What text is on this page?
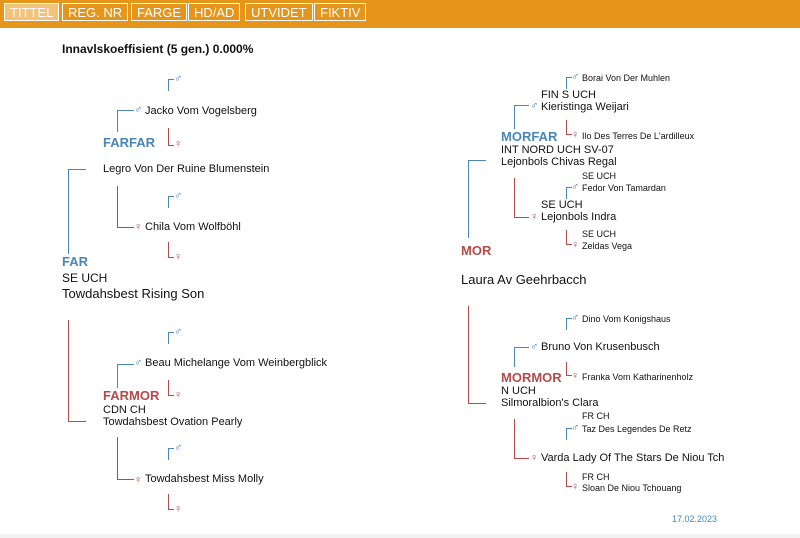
TITTEL	REG. NR	FARGE HD/AD	UTVIDET	FIKTIV
Innavlskoeffisient (5 gen.) 0.000%
FAR
SE UCH
Towdahsbest Rising Son
FARFAR
Legro Von Der Ruine Blumenstein
♂ Jacko Vom Vogelsberg
♀ Chila Vom Wolfböhl
♂
♀
♂
♀
FARMOR
CDN CH
Towdahsbest Ovation Pearly
♂ Beau Michelange Vom Weinbergblick
♀ Towdahsbest Miss Molly
♂
♀
♂
♀
MOR
Laura Av Geehrbacch
MORFAR
INT NORD UCH SV-07
Lejonbols Chivas Regal
FIN S UCH
♂ Kieristinga Weijari
SE UCH
♀ Lejonbols Indra
♂ Borai Von Der Muhlen
♀ Ilo Des Terres De L'ardilleux
SE UCH
♂ Fedor Von Tamardan
SE UCH
♀ Zeldas Vega
MORMOR
N UCH
Silmoralbion's Clara
♂ Bruno Von Krusenbusch
♀ Varda Lady Of The Stars De Niou Tch
♂ Dino Vom Konigshaus
♀ Franka Vom Katharinenholz
FR CH
♂ Taz Des Legendes De Retz
FR CH
♀ Sloan De Niou Tchouang
17.02.2023
